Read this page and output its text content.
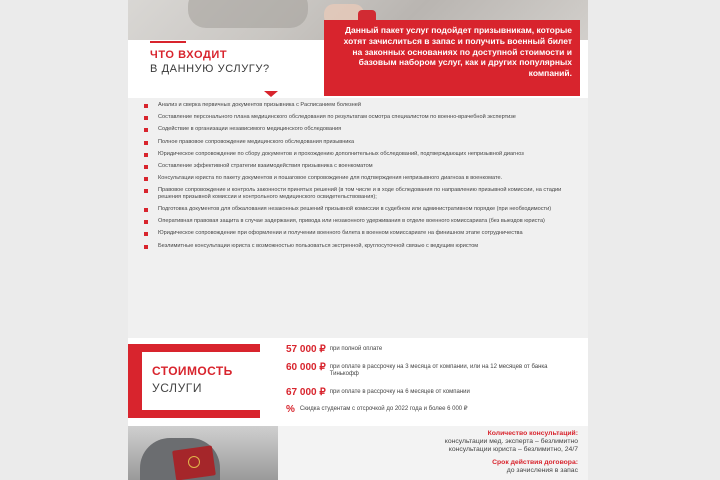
Данный пакет услуг подойдет призывникам, которые хотят зачислиться в запас и получить военный билет на законных основаниях по доступной стоимости и базовым набором услуг, как и других популярных компаний.
ЧТО ВХОДИТ
В ДАННУЮ УСЛУГУ?
Анализ и сверка первичных документов призывника с Расписанием болезней
Составление персонального плана медицинского обследования по результатам осмотра специалистом по военно-врачебной экспертизе
Содействие в организации независимого медицинского обследования
Полное правовое сопровождение медицинского обследования призывника
Юридическое сопровождение по сбору документов и прохождению дополнительных обследований, подтверждающих непризывной диагноз
Составление эффективной стратегии взаимодействия призывника с военкоматом
Консультации юриста по пакету документов и пошаговое сопровождение для подтверждения непризывного диагноза в военкомате.
Правовое сопровождение и контроль законности принятых решений (в том числе и в ходе обследования по направлению призывной комиссии, на стадии решения призывной комиссии и контрольного медицинского освидетельствования);
Подготовка документов для обжалования незаконных решений призывной комиссии в судебном или административном порядке (при необходимости)
Оперативная правовая защита в случае задержания, привода или незаконного удерживания в отделе военного комиссариата (без выездов юриста)
Юридическое сопровождение при оформлении и получении военного билета в военном комиссариате на финишном этапе сотрудничества
Безлимитные консультации юриста с возможностью пользоваться экстренной, круглосуточной связью с ведущим юристом
СТОИМОСТЬ
УСЛУГИ
57 000 ₽ при полной оплате
60 000 ₽ при оплате в рассрочку на 3 месяца от компании, или на 12 месяцев от банка Тинькофф
67 000 ₽ при оплате в рассрочку на 6 месяцев от компании
% Скидка студентам с отсрочкой до 2022 года и более 6 000 ₽
Количество консультаций:
консультации мед. эксперта – безлимитно
консультации юриста – безлимитно, 24/7
Срок действия договора:
до зачисления в запас
